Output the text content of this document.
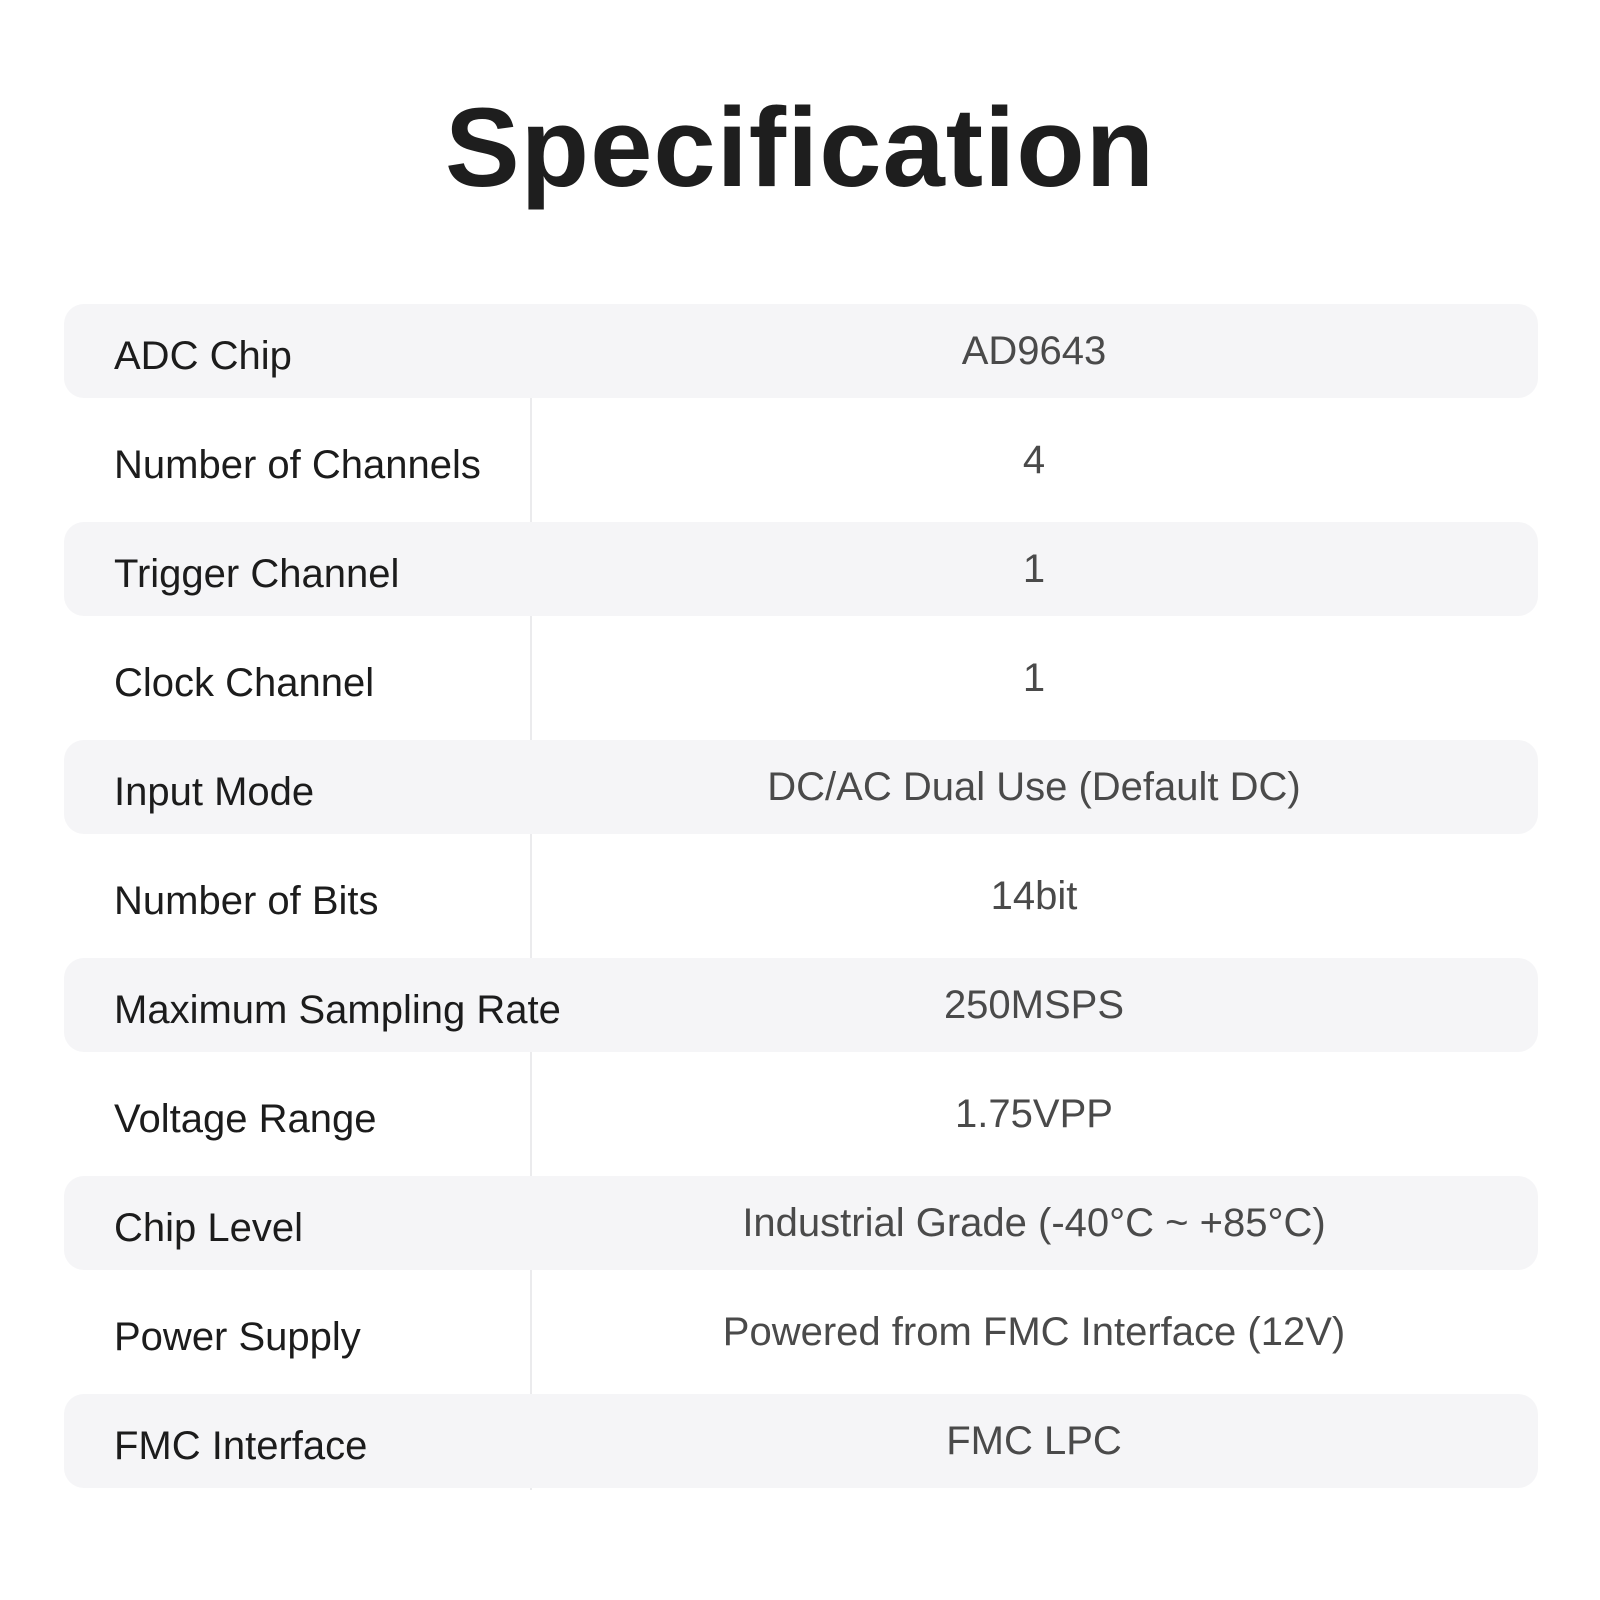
Specification
ADC Chip	AD9643
Number of Channels	4
Trigger Channel	1
Clock Channel	1
Input Mode	DC/AC Dual Use (Default DC)
Number of Bits	14bit
Maximum Sampling Rate	250MSPS
Voltage Range	1.75VPP
Chip Level	Industrial Grade (-40°C ~ +85°C)
Power Supply	Powered from FMC Interface (12V)
FMC Interface	FMC LPC
